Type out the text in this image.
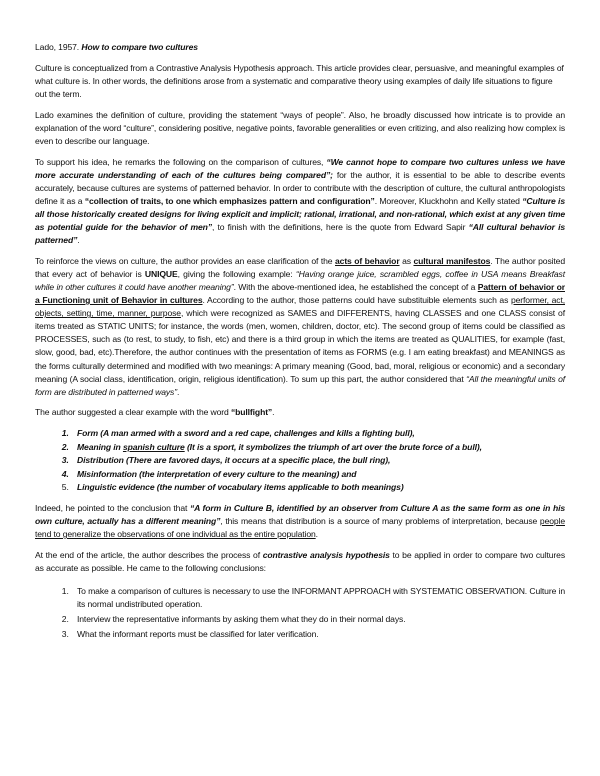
Lado, 1957. How to compare two cultures

Culture is conceptualized from a Contrastive Analysis Hypothesis approach. This article provides clear, persuasive, and meaningful examples of what culture is. In other words, the definitions arose from a systematic and comparative theory using examples of daily life situations to figure out the term.

Lado examines the definition of culture, providing the statement “ways of people”. Also, he broadly discussed how intricate is to provide an explanation of the word “culture”, considering positive, negative points, favorable generalities or even critizing, and also realizing how complex is even to describe our language.

To support his idea, he remarks the following on the comparison of cultures, “We cannot hope to compare two cultures unless we have more accurate understanding of each of the cultures being compared”; for the author, it is essential to be able to describe events accurately, because cultures are systems of patterned behavior. In order to contribute with the description of culture, the cultural anthropologists define it as a “collection of traits, to one which emphasizes pattern and configuration”. Moreover, Kluckhohn and Kelly stated “Culture is all those historically created designs for living explicit and implicit; rational, irrational, and non-rational, which exist at any given time as potential guide for the behavior of men”, to finish with the definitions, here is the quote from Edward Sapir “All cultural behavior is patterned”.

To reinforce the views on culture, the author provides an ease clarification of the acts of behavior as cultural manifestos. The author posited that every act of behavior is UNIQUE, giving the following example: “Having orange juice, scrambled eggs, coffee in USA means Breakfast while in other cultures it could have another meaning”. With the above-mentioned idea, he established the concept of a Pattern of behavior or a Functioning unit of Behavior in cultures. According to the author, those patterns could have substituible elements such as performer, act, objects, setting, time, manner, purpose, which were recognized as SAMES and DIFFERENTS, having CLASSES and one CLASS consist of items treated as STATIC UNITS; for instance, the words (men, women, children, doctor, etc). The second group of items could be classified as PROCESSES, such as (to rest, to study, to fish, etc) and there is a third group in which the items are treated as QUALITIES, for example (fast, slow, good, bad, etc).Therefore, the author continues with the presentation of items as FORMS (e.g. I am eating breakfast) and MEANINGS as the forms culturally determined and modified with two meanings: A primary meaning (Good, bad, moral, religious or economic) and a secondary meaning (A social class, identification, origin, religious identification). To sum up this part, the author considered that “All the meaningful units of form are distributed in patterned ways”.

The author suggested a clear example with the word “bullfight”.

1. Form (A man armed with a sword and a red cape, challenges and kills a fighting bull),
2. Meaning in spanish culture (It is a sport, it symbolizes the triumph of art over the brute force of a bull),
3. Distribution (There are favored days, it occurs at a specific place, the bull ring),
4. Misinformation (the interpretation of every culture to the meaning) and
5. Linguistic evidence (the number of vocabulary items applicable to both meanings)

Indeed, he pointed to the conclusion that “A form in Culture B, identified by an observer from Culture A as the same form as one in his own culture, actually has a different meaning”, this means that distribution is a source of many problems of interpretation, because people tend to generalize the observations of one individual as the entire population.

At the end of the article, the author describes the process of contrastive analysis hypothesis to be applied in order to compare two cultures as accurate as possible. He came to the following conclusions:

1. To make a comparison of cultures is necessary to use the INFORMANT APPROACH with SYSTEMATIC OBSERVATION. Culture in its normal undistributed operation.
2. Interview the representative informants by asking them what they do in their normal days.
3. What the informant reports must be classified for later verification.
